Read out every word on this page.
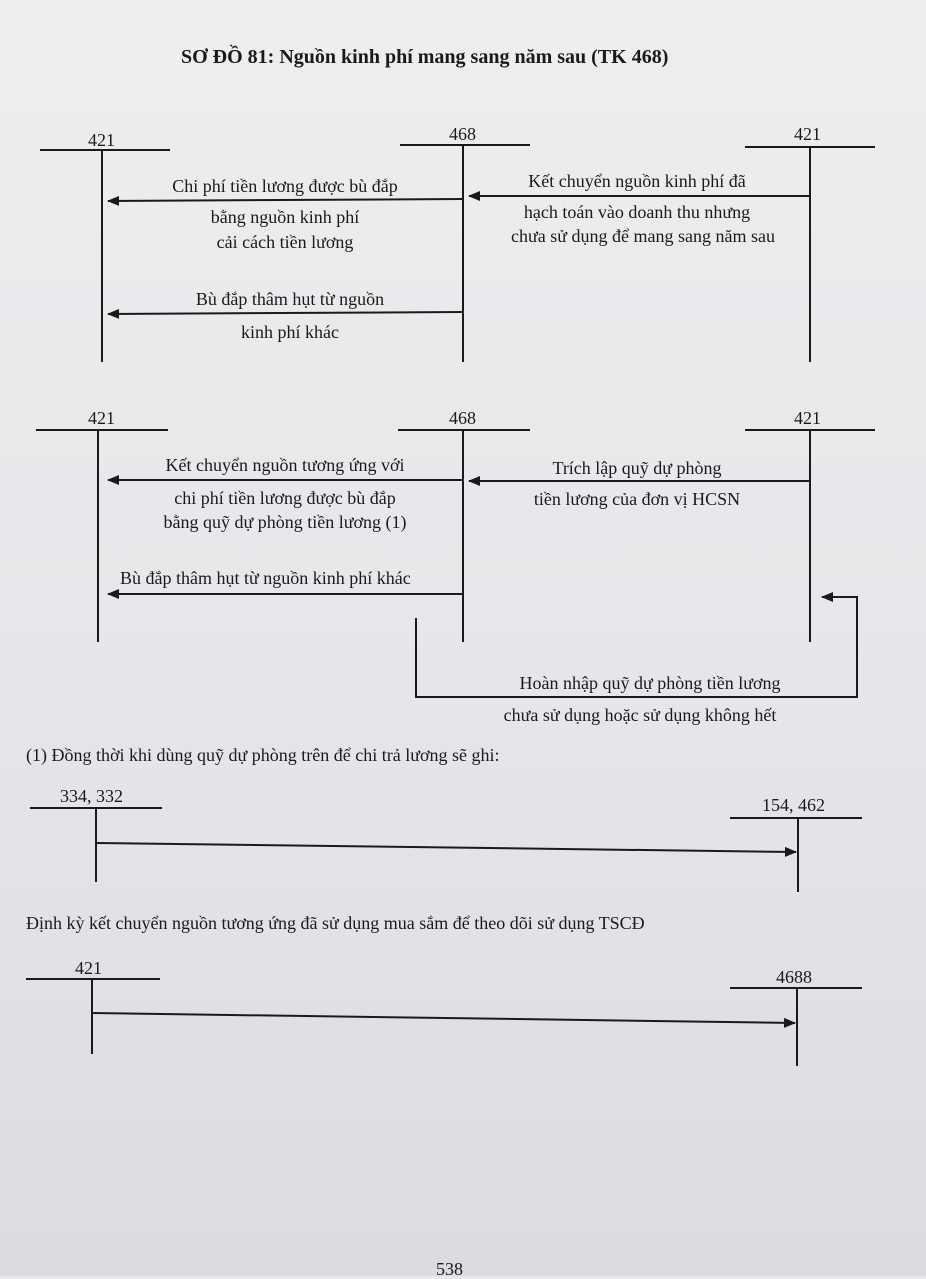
SƠ ĐỒ 81: Nguồn kinh phí mang sang năm sau (TK 468)
421	468	421
Chi phí tiền lương được bù đắp
bằng nguồn kinh phí
cải cách tiền lương
Bù đắp thâm hụt từ nguồn
kinh phí khác
Kết chuyển nguồn kinh phí đã
hạch toán vào doanh thu nhưng
chưa sử dụng để mang sang năm sau
421	468	421
Kết chuyển nguồn tương ứng với
chi phí tiền lương được bù đắp
bằng quỹ dự phòng tiền lương (1)
Bù đắp thâm hụt từ nguồn kinh phí khác
Trích lập quỹ dự phòng
tiền lương của đơn vị HCSN
Hoàn nhập quỹ dự phòng tiền lương
chưa sử dụng hoặc sử dụng không hết
(1) Đồng thời khi dùng quỹ dự phòng trên để chi trả lương sẽ ghi:
334, 332	154, 462
Định kỳ kết chuyển nguồn tương ứng đã sử dụng mua sắm để theo dõi sử dụng TSCĐ
421	4688
538
